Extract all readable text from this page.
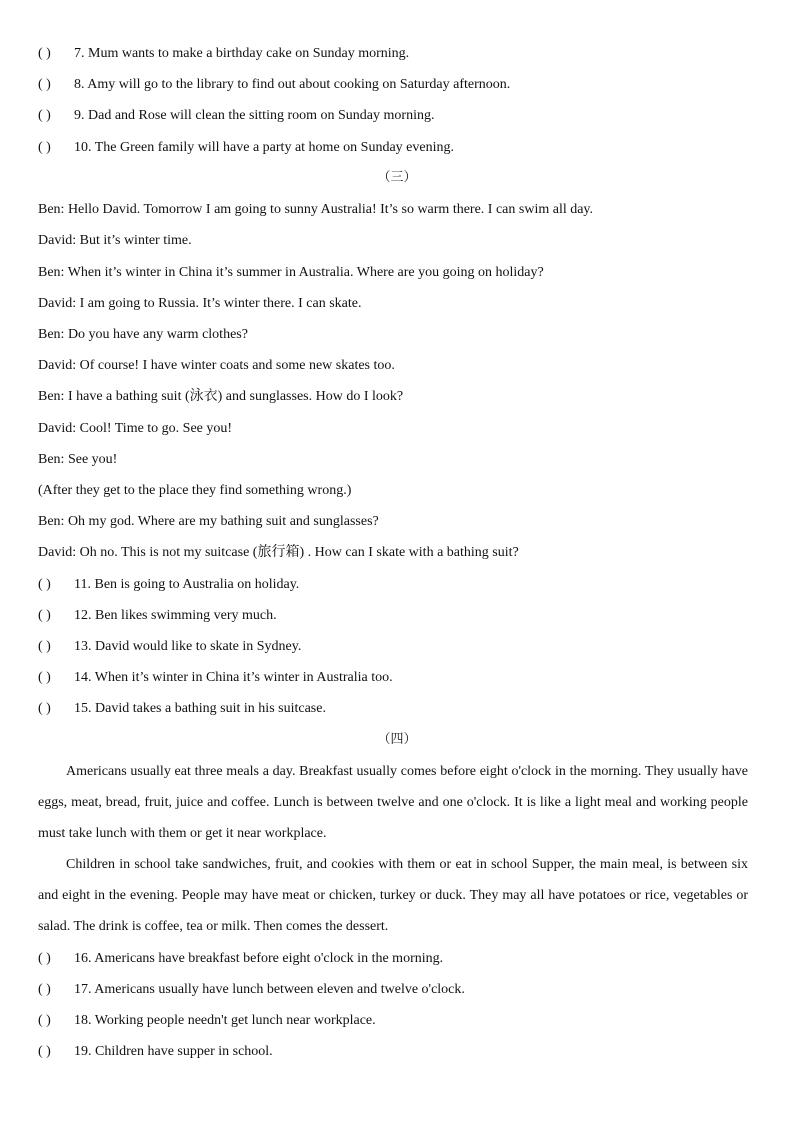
( ) 7. Mum wants to make a birthday cake on Sunday morning.
( ) 8. Amy will go to the library to find out about cooking on Saturday afternoon.
( ) 9. Dad and Rose will clean the sitting room on Sunday morning.
( ) 10. The Green family will have a party at home on Sunday evening.
（三）
Ben: Hello David. Tomorrow I am going to sunny Australia! It’s so warm there. I can swim all day.
David: But it’s winter time.
Ben: When it’s winter in China it’s summer in Australia. Where are you going on holiday?
David: I am going to Russia. It’s winter there. I can skate.
Ben: Do you have any warm clothes?
David: Of course! I have winter coats and some new skates too.
Ben: I have a bathing suit (泳衣) and sunglasses. How do I look?
David: Cool! Time to go. See you!
Ben: See you!
(After they get to the place they find something wrong.)
Ben: Oh my god. Where are my bathing suit and sunglasses?
David: Oh no. This is not my suitcase (旅行箱) . How can I skate with a bathing suit?
( ) 11. Ben is going to Australia on holiday.
( ) 12. Ben likes swimming very much.
( ) 13. David would like to skate in Sydney.
( ) 14. When it’s winter in China it’s winter in Australia too.
( ) 15. David takes a bathing suit in his suitcase.
（四）
Americans usually eat three meals a day. Breakfast usually comes before eight o'clock in the morning. They usually have eggs, meat, bread, fruit, juice and coffee. Lunch is between twelve and one o'clock. It is like a light meal and working people must take lunch with them or get it near workplace.
Children in school take sandwiches, fruit, and cookies with them or eat in school Supper, the main meal, is between six and eight in the evening. People may have meat or chicken, turkey or duck. They may all have potatoes or rice, vegetables or salad. The drink is coffee, tea or milk. Then comes the dessert.
( ) 16. Americans have breakfast before eight o'clock in the morning.
( ) 17. Americans usually have lunch between eleven and twelve o'clock.
( ) 18. Working people needn't get lunch near workplace.
( ) 19. Children have supper in school.
